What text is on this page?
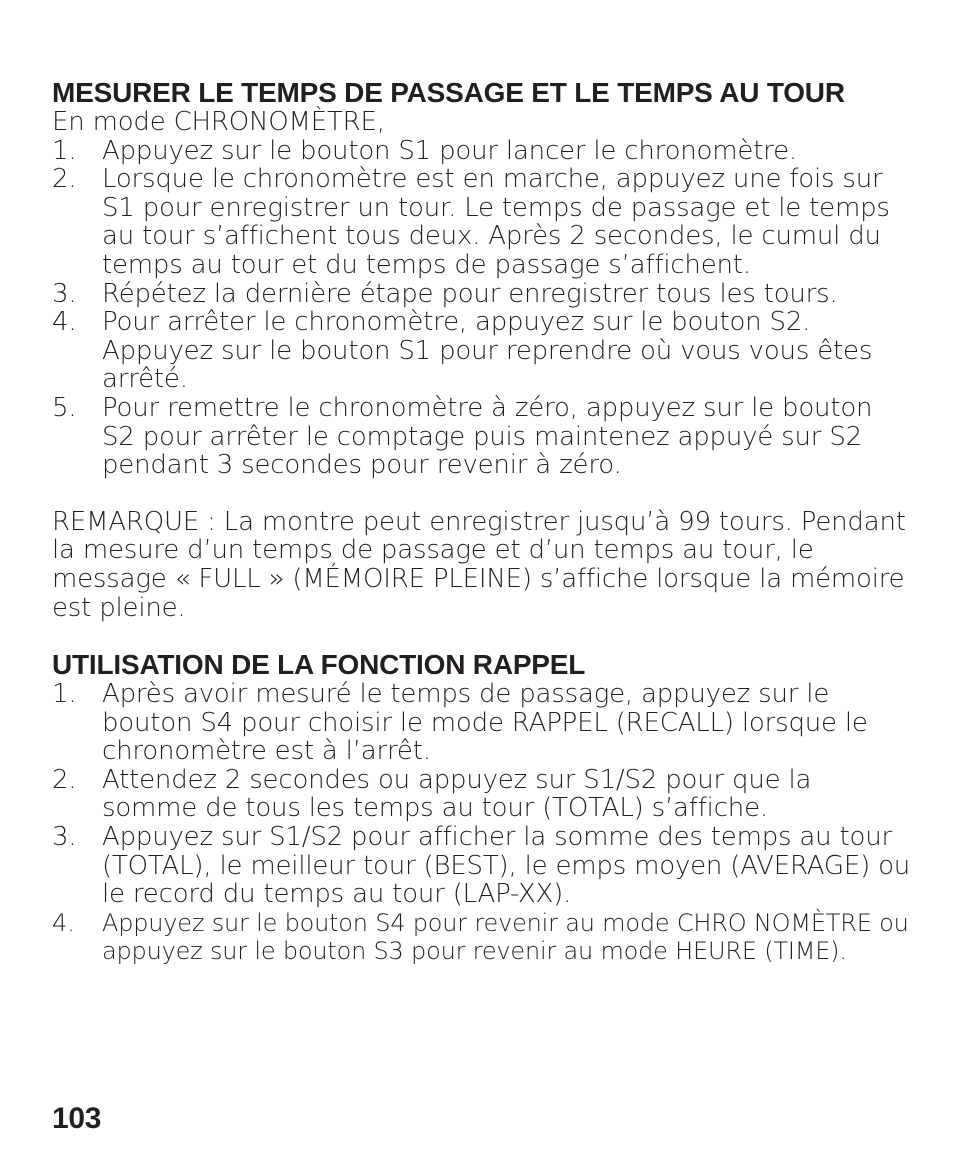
MESURER LE TEMPS DE PASSAGE ET LE TEMPS AU TOUR

En mode CHRONOMÈTRE,

1. Appuyez sur le bouton S1 pour lancer le chronomètre.
2. Lorsque le chronomètre est en marche, appuyez une fois sur S1 pour enregistrer un tour. Le temps de passage et le temps au tour s’affichent tous deux. Après 2 secondes, le cumul du temps au tour et du temps de passage s’affichent.
3. Répétez la dernière étape pour enregistrer tous les tours.
4. Pour arrêter le chronomètre, appuyez sur le bouton S2. Appuyez sur le bouton S1 pour reprendre où vous vous êtes arrêté.
5. Pour remettre le chronomètre à zéro, appuyez sur le bouton S2 pour arrêter le comptage puis maintenez appuyé sur S2 pendant 3 secondes pour revenir à zéro.

REMARQUE : La montre peut enregistrer jusqu’à 99 tours. Pendant la mesure d’un temps de passage et d’un temps au tour, le message « FULL » (MÉMOIRE PLEINE) s’affiche lorsque la mémoire est pleine.

UTILISATION DE LA FONCTION RAPPEL
1. Après avoir mesuré le temps de passage, appuyez sur le bouton S4 pour choisir le mode RAPPEL (RECALL) lorsque le chronomètre est à l’arrêt.
2. Attendez 2 secondes ou appuyez sur S1/S2 pour que la somme de tous les temps au tour (TOTAL) s’affiche.
3. Appuyez sur S1/S2 pour afficher la somme des temps au tour (TOTAL), le meilleur tour (BEST), le emps moyen (AVERAGE) ou le record du temps au tour (LAP-XX).
4. Appuyez sur le bouton S4 pour revenir au mode CHRO NOMÈTRE ou appuyez sur le bouton S3 pour revenir au mode HEURE (TIME).
103
